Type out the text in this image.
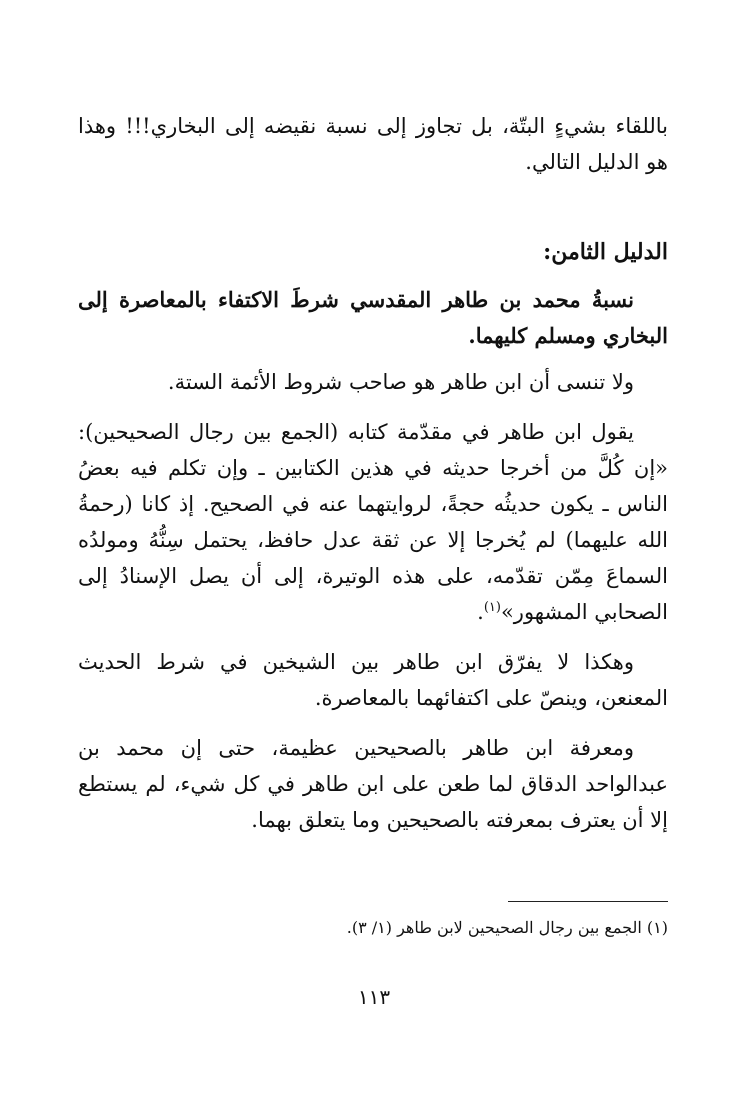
باللقاء بشيءٍ البتّة، بل تجاوز إلى نسبة نقيضه إلى البخاري!!! وهذا هو الدليل التالي.

الدليل الثامن:

نسبةُ محمد بن طاهر المقدسي شرطَ الاكتفاء بالمعاصرة إلى البخاري ومسلم كليهما.

ولا تنسى أن ابن طاهر هو صاحب شروط الأئمة الستة.

يقول ابن طاهر في مقدّمة كتابه (الجمع بين رجال الصحيحين): «إن كُلَّ من أخرجا حديثه في هذين الكتابين ـ وإن تكلم فيه بعضُ الناس ـ يكون حديثُه حجةً، لروايتهما عنه في الصحيح. إذ كانا (رحمةُ الله عليهما) لم يُخرجا إلا عن ثقة عدل حافظ، يحتمل سِنُّهُ ومولدُه السماعَ مِمّن تقدّمه، على هذه الوتيرة، إلى أن يصل الإسنادُ إلى الصحابي المشهور»$^{(١)}$.

وهكذا لا يفرّق ابن طاهر بين الشيخين في شرط الحديث المعنعن، وينصّ على اكتفائهما بالمعاصرة.

ومعرفة ابن طاهر بالصحيحين عظيمة، حتى إن محمد بن عبدالواحد الدقاق لما طعن على ابن طاهر في كل شيء، لم يستطع إلا أن يعترف بمعرفته بالصحيحين وما يتعلق بهما.

(١) الجمع بين رجال الصحيحين لابن طاهر (١/ ٣).
١١٣
